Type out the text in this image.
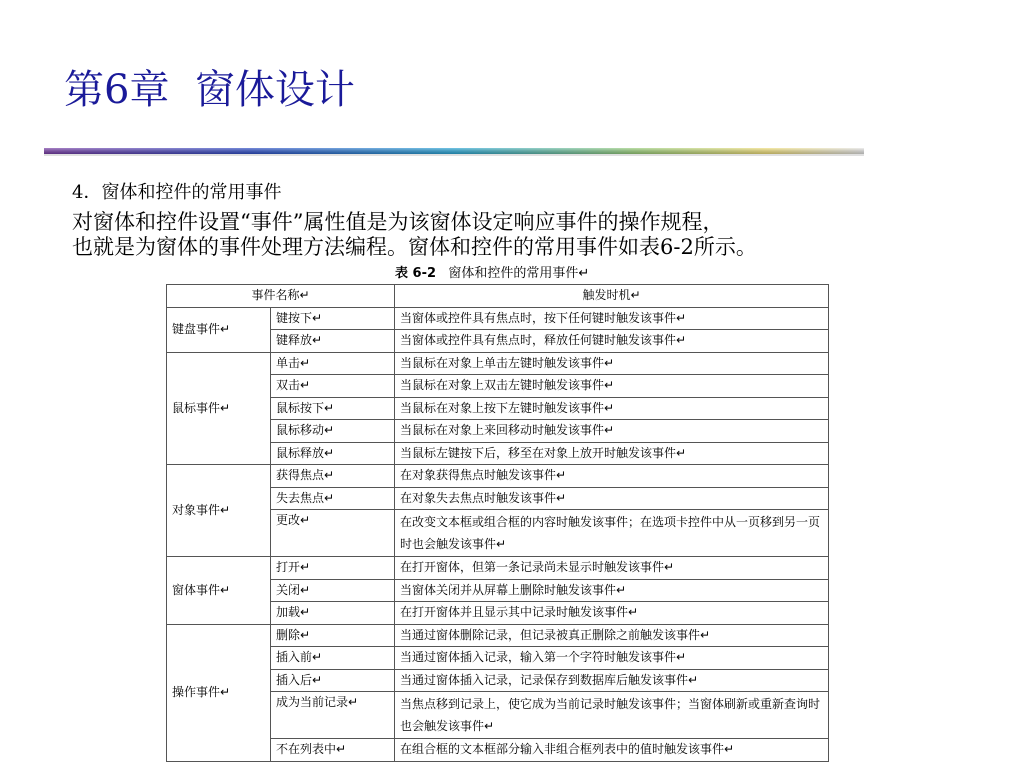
第6章  窗体设计

4．窗体和控件的常用事件

对窗体和控件设置“事件”属性值是为该窗体设定响应事件的操作规程，
也就是为窗体的事件处理方法编程。窗体和控件的常用事件如表6-2所示。

表 6-2 窗体和控件的常用事件↵
事件名称↵		触发时机↵
键盘事件↵	键按下↵	当窗体或控件具有焦点时，按下任何键时触发该事件↵
	键释放↵	当窗体或控件具有焦点时，释放任何键时触发该事件↵
鼠标事件↵	单击↵	当鼠标在对象上单击左键时触发该事件↵
	双击↵	当鼠标在对象上双击左键时触发该事件↵
	鼠标按下↵	当鼠标在对象上按下左键时触发该事件↵
	鼠标移动↵	当鼠标在对象上来回移动时触发该事件↵
	鼠标释放↵	当鼠标左键按下后，移至在对象上放开时触发该事件↵
对象事件↵	获得焦点↵	在对象获得焦点时触发该事件↵
	失去焦点↵	在对象失去焦点时触发该事件↵
	更改↵	在改变文本框或组合框的内容时触发该事件；在选项卡控件中从一页移到另一页时也会触发该事件↵
窗体事件↵	打开↵	在打开窗体，但第一条记录尚未显示时触发该事件↵
	关闭↵	当窗体关闭并从屏幕上删除时触发该事件↵
	加载↵	在打开窗体并且显示其中记录时触发该事件↵
操作事件↵	删除↵	当通过窗体删除记录，但记录被真正删除之前触发该事件↵
	插入前↵	当通过窗体插入记录，输入第一个字符时触发该事件↵
	插入后↵	当通过窗体插入记录，记录保存到数据库后触发该事件↵
	成为当前记录↵	当焦点移到记录上，使它成为当前记录时触发该事件；当窗体刷新或重新查询时也会触发该事件↵
	不在列表中↵	在组合框的文本框部分输入非组合框列表中的值时触发该事件↵
